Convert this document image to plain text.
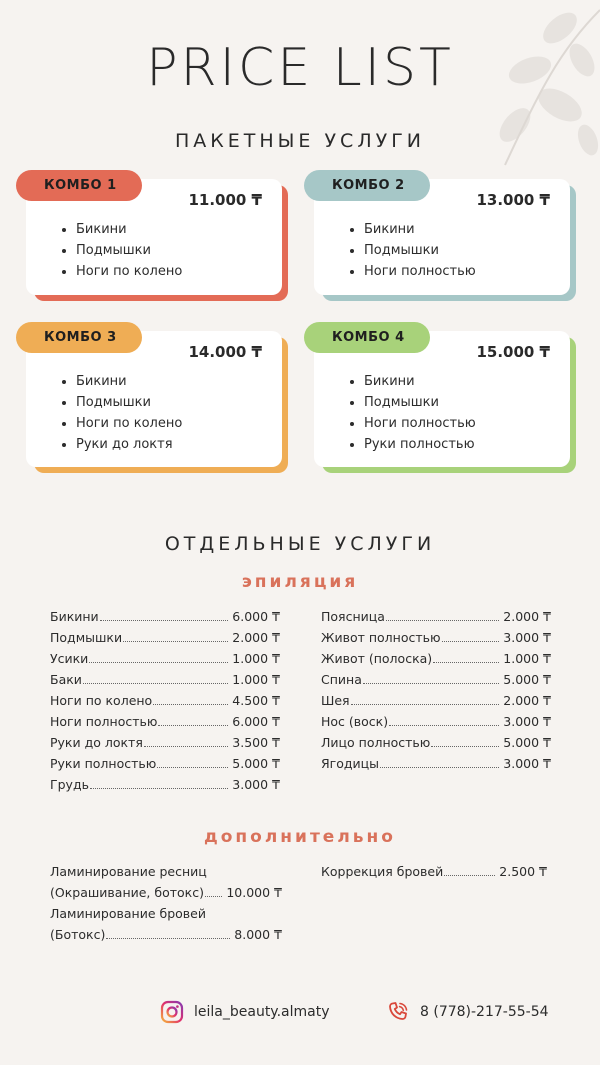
PRICE LIST
ПАКЕТНЫЕ УСЛУГИ
КОМБО 1
11.000 ₸
• Бикини
• Подмышки
• Ноги по колено
КОМБО 2
13.000 ₸
• Бикини
• Подмышки
• Ноги полностью
КОМБО 3
14.000 ₸
• Бикини
• Подмышки
• Ноги по колено
• Руки до локтя
КОМБО 4
15.000 ₸
• Бикини
• Подмышки
• Ноги полностью
• Руки полностью
ОТДЕЛЬНЫЕ УСЛУГИ
эпиляция
Бикини	6.000 ₸
Подмышки	2.000 ₸
Усики	1.000 ₸
Баки	1.000 ₸
Ноги по колено	4.500 ₸
Ноги полностью	6.000 ₸
Руки до локтя	3.500 ₸
Руки полностью	5.000 ₸
Грудь	3.000 ₸
Поясница	2.000 ₸
Живот полностью	3.000 ₸
Живот (полоска)	1.000 ₸
Спина	5.000 ₸
Шея	2.000 ₸
Нос (воск)	3.000 ₸
Лицо полностью	5.000 ₸
Ягодицы	3.000 ₸
дополнительно
Ламинирование ресниц
(Окрашивание, ботокс) 10.000 ₸
Ламинирование бровей
(Ботокс)	8.000 ₸
Коррекция бровей	2.500 ₸
leila_beauty.almaty	8 (778)-217-55-54
